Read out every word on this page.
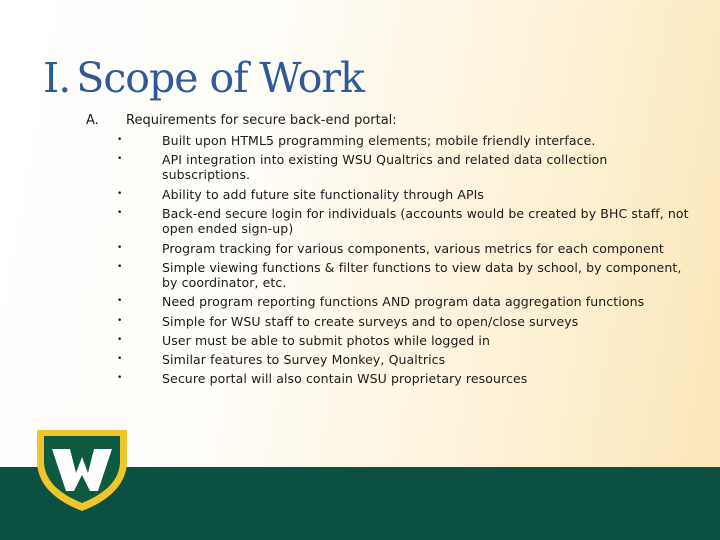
I. Scope of Work
A. Requirements for secure back-end portal:
•	Built upon HTML5 programming elements; mobile friendly interface.
•	API integration into existing WSU Qualtrics and related data collection subscriptions.
•	Ability to add future site functionality through APIs
•	Back-end secure login for individuals (accounts would be created by BHC staff, not open ended sign-up)
•	Program tracking for various components, various metrics for each component
•	Simple viewing functions & filter functions to view data by school, by component, by coordinator, etc.
•	Need program reporting functions AND program data aggregation functions
•	Simple for WSU staff to create surveys and to open/close surveys
•	User must be able to submit photos while logged in
•	Similar features to Survey Monkey, Qualtrics
•	Secure portal will also contain WSU proprietary resources
